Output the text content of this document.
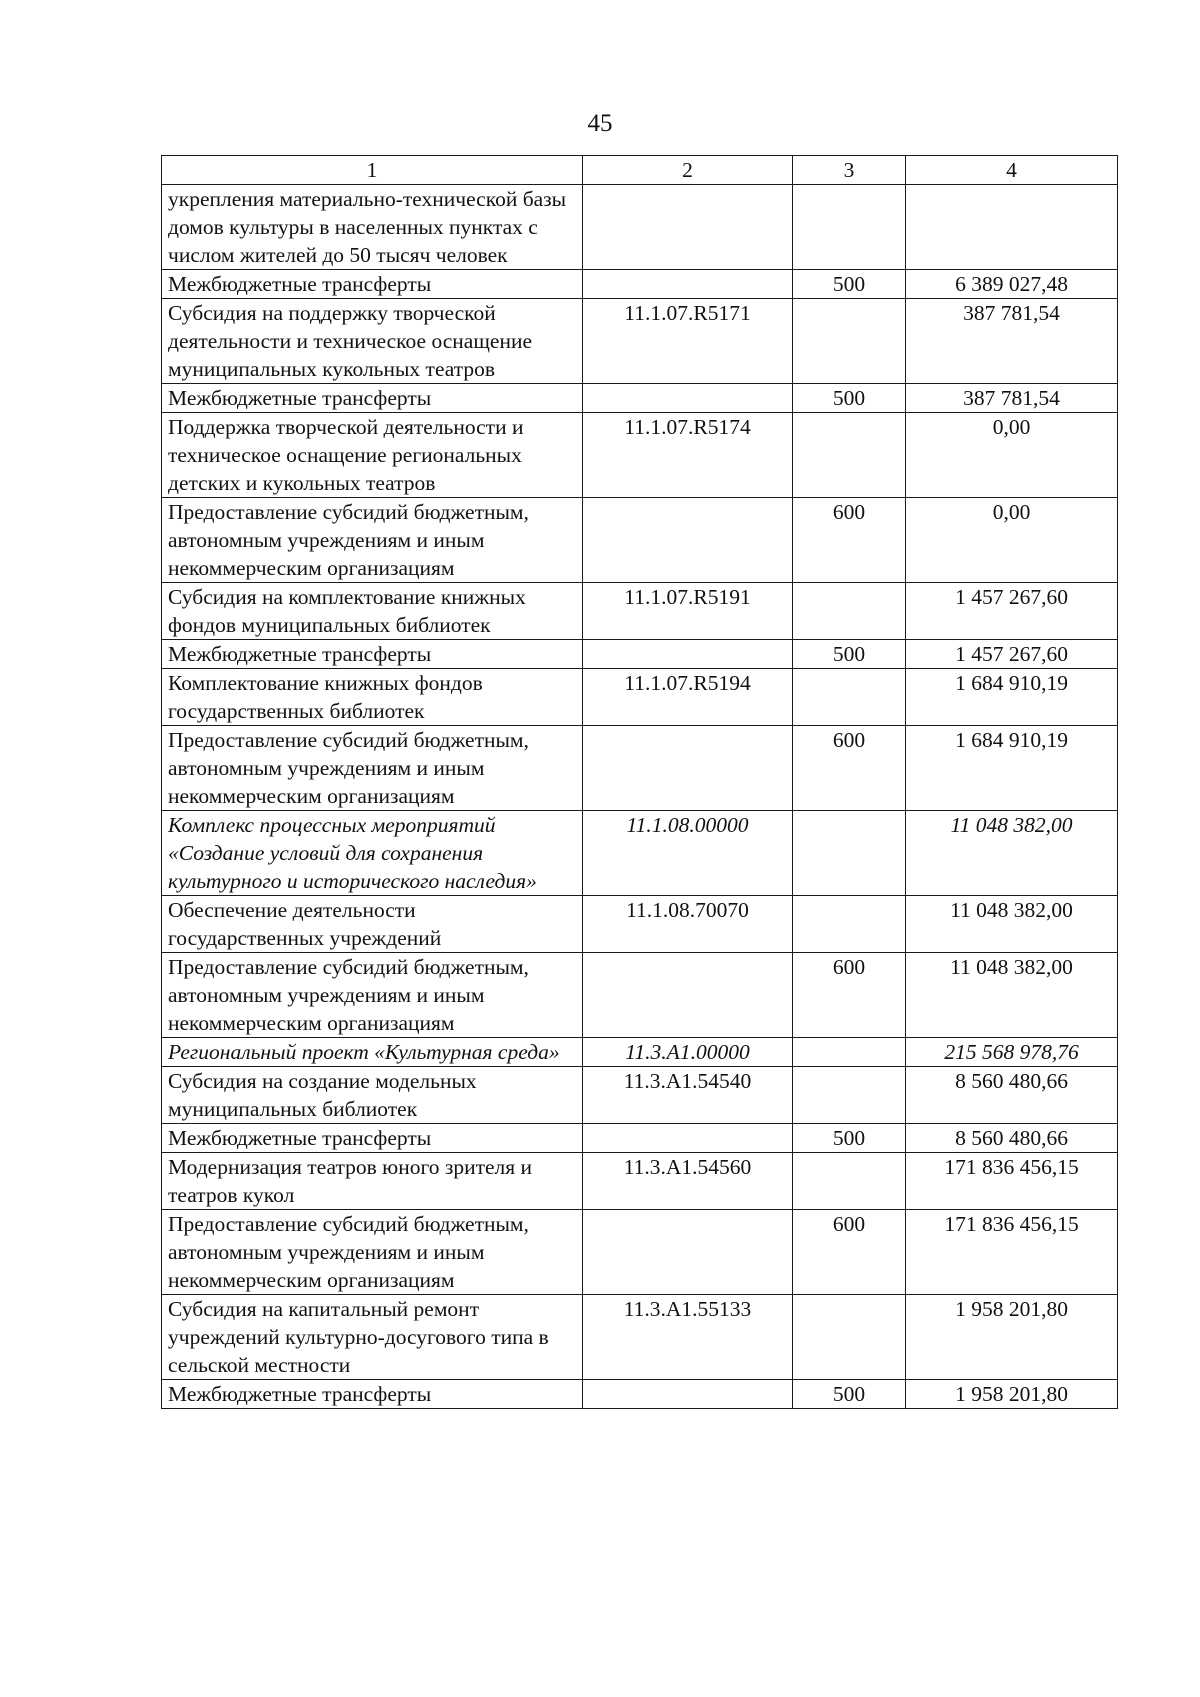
45
1	2	3	4
укрепления материально-технической базы домов культуры в населенных пунктах с числом жителей до 50 тысяч человек			
Межбюджетные трансферты		500	6 389 027,48
Субсидия на поддержку творческой деятельности и техническое оснащение муниципальных кукольных театров	11.1.07.R5171		387 781,54
Межбюджетные трансферты		500	387 781,54
Поддержка творческой деятельности и техническое оснащение региональных детских и кукольных театров	11.1.07.R5174		0,00
Предоставление субсидий бюджетным, автономным учреждениям и иным некоммерческим организациям		600	0,00
Субсидия на комплектование книжных фондов муниципальных библиотек	11.1.07.R5191		1 457 267,60
Межбюджетные трансферты		500	1 457 267,60
Комплектование книжных фондов государственных библиотек	11.1.07.R5194		1 684 910,19
Предоставление субсидий бюджетным, автономным учреждениям и иным некоммерческим организациям		600	1 684 910,19
Комплекс процессных мероприятий «Создание условий для сохранения культурного и исторического наследия»	11.1.08.00000		11 048 382,00
Обеспечение деятельности государственных учреждений	11.1.08.70070		11 048 382,00
Предоставление субсидий бюджетным, автономным учреждениям и иным некоммерческим организациям		600	11 048 382,00
Региональный проект «Культурная среда»	11.3.А1.00000		215 568 978,76
Субсидия на создание модельных муниципальных библиотек	11.3.А1.54540		8 560 480,66
Межбюджетные трансферты		500	8 560 480,66
Модернизация театров юного зрителя и театров кукол	11.3.А1.54560		171 836 456,15
Предоставление субсидий бюджетным, автономным учреждениям и иным некоммерческим организациям		600	171 836 456,15
Субсидия на капитальный ремонт учреждений культурно-досугового типа в сельской местности	11.3.А1.55133		1 958 201,80
Межбюджетные трансферты		500	1 958 201,80
